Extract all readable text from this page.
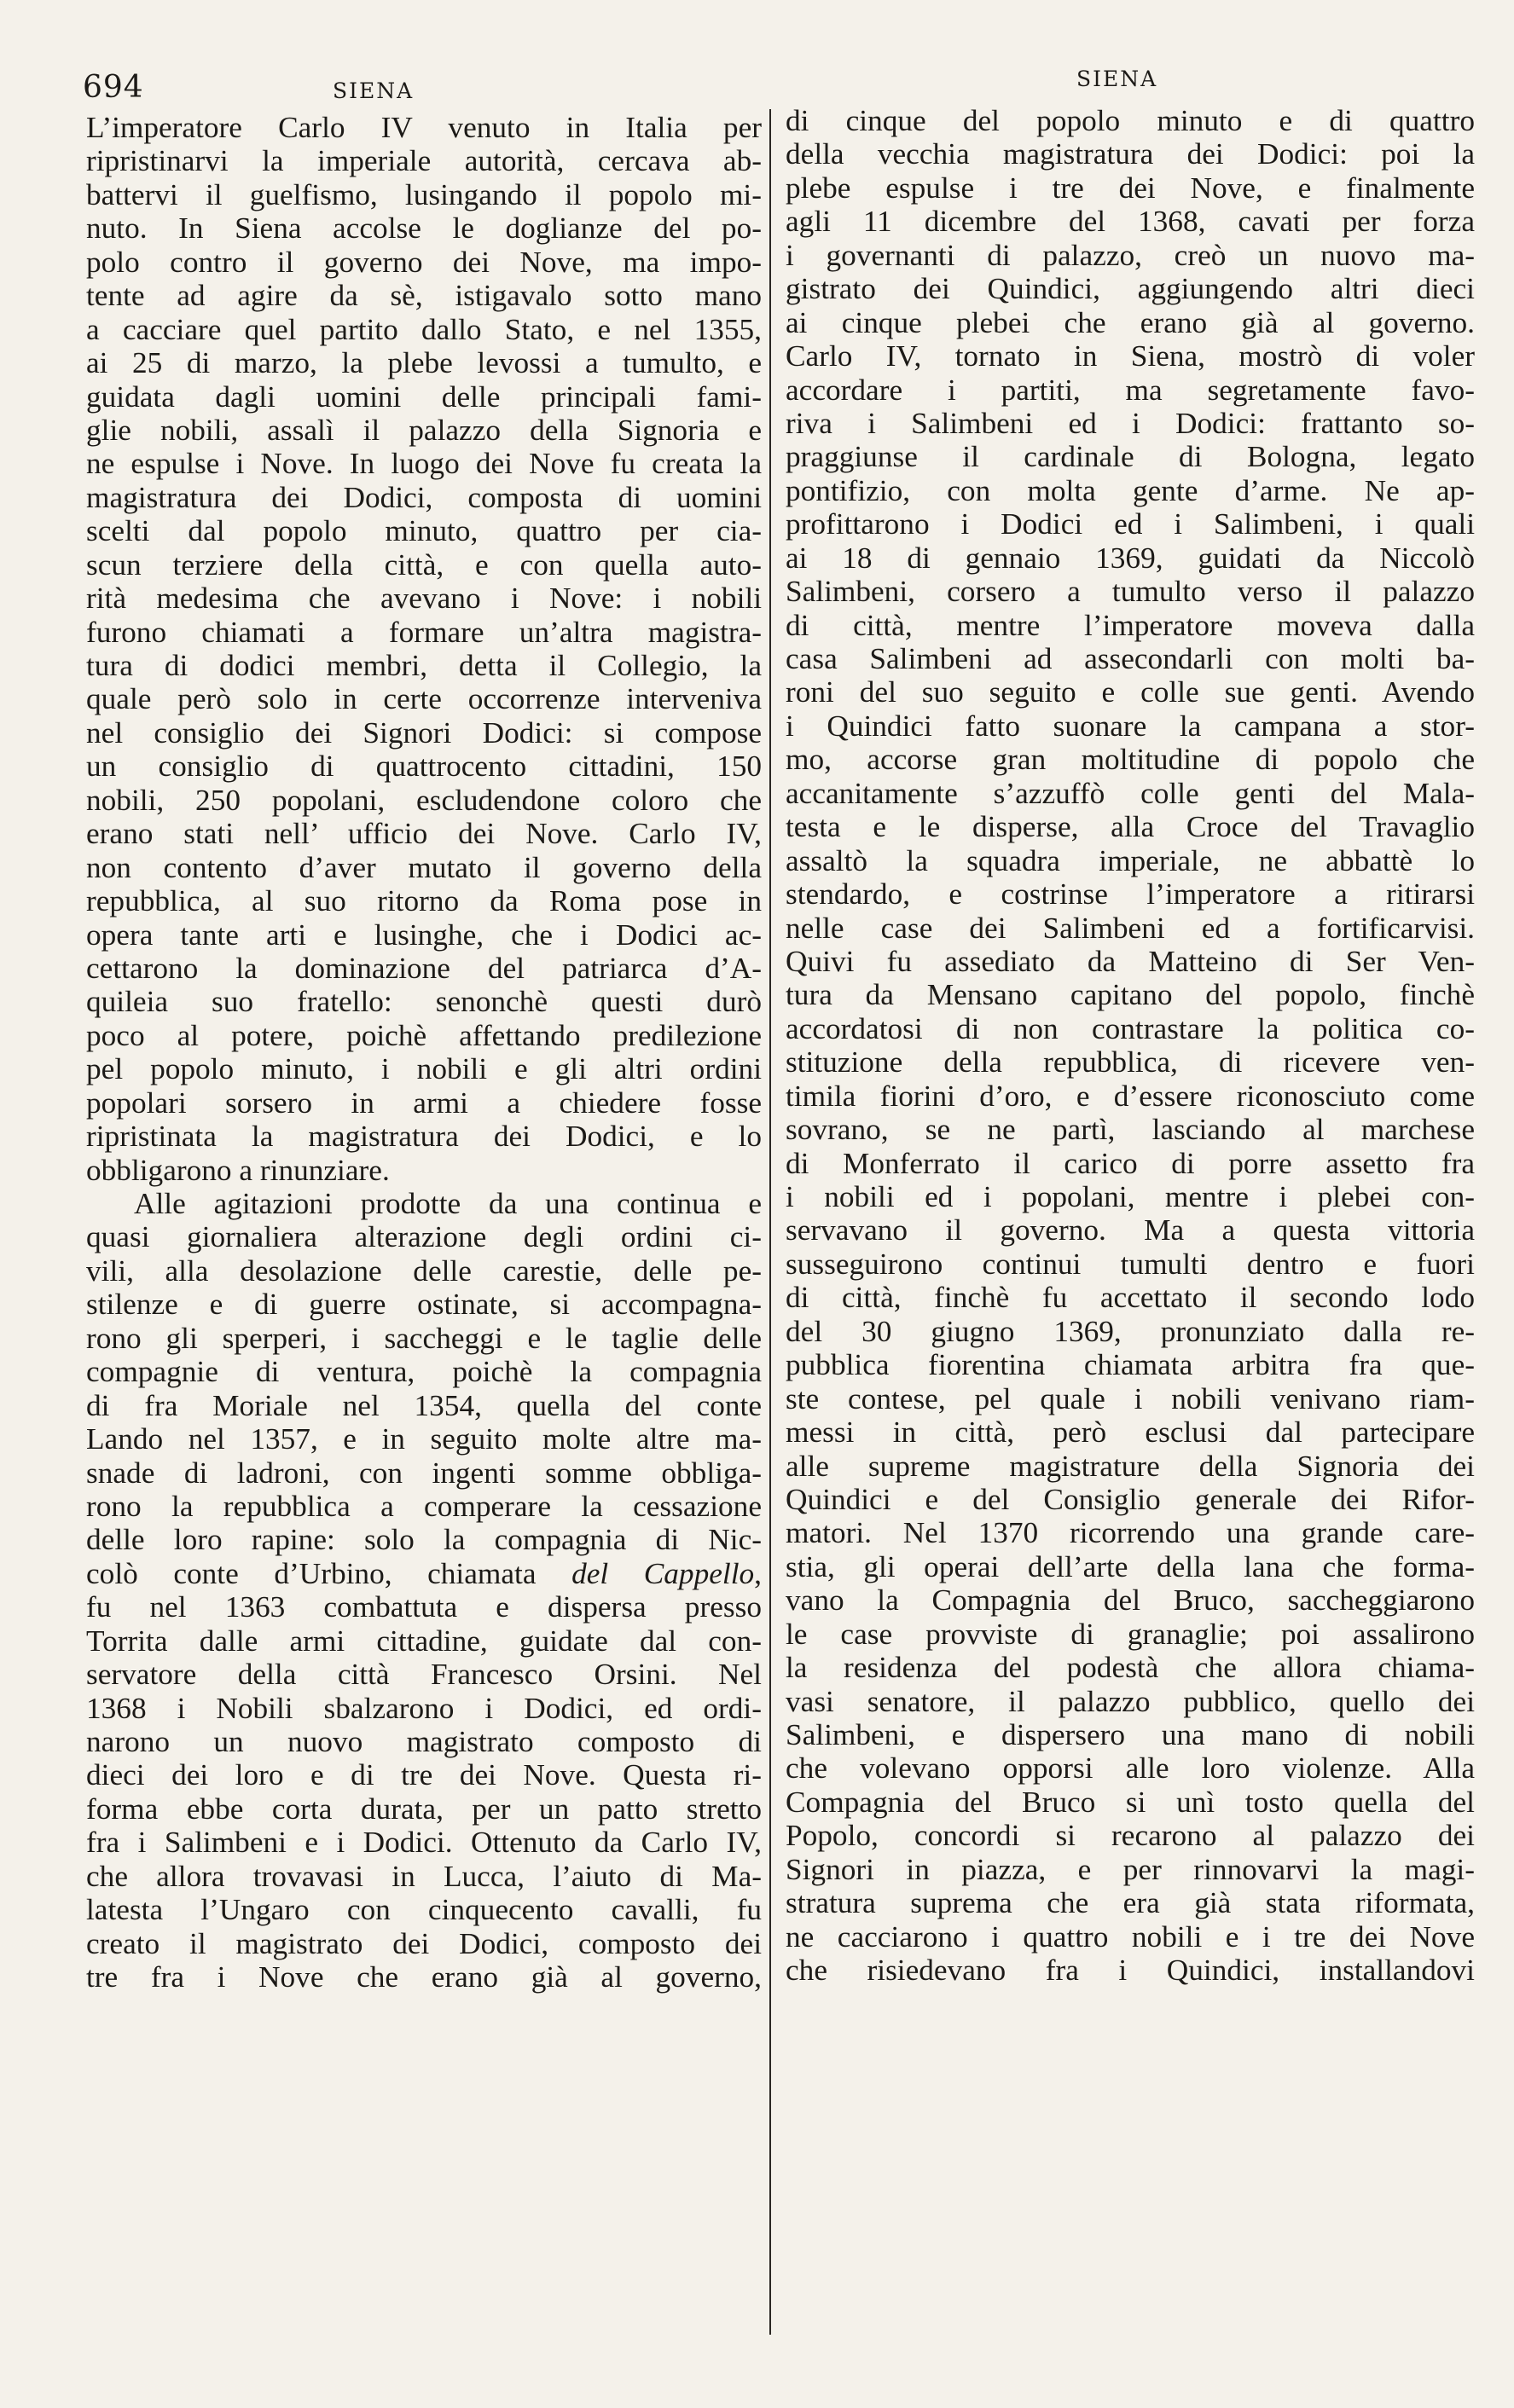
694	SIENA	SIENA
L’imperatore Carlo IV venuto in Italia per
ripristinarvi la imperiale autorità, cercava ab-
battervi il guelfismo, lusingando il popolo mi-
nuto. In Siena accolse le doglianze del po-
polo contro il governo dei Nove, ma impo-
tente ad agire da sè, istigavalo sotto mano
a cacciare quel partito dallo Stato, e nel 1355,
ai 25 di marzo, la plebe levossi a tumulto, e
guidata dagli uomini delle principali fami-
glie nobili, assalì il palazzo della Signoria e
ne espulse i Nove. In luogo dei Nove fu creata la
magistratura dei Dodici, composta di uomini
scelti dal popolo minuto, quattro per cia-
scun terziere della città, e con quella auto-
rità medesima che avevano i Nove: i nobili
furono chiamati a formare un’altra magistra-
tura di dodici membri, detta il Collegio, la
quale però solo in certe occorrenze interveniva
nel consiglio dei Signori Dodici: si compose
un consiglio di quattrocento cittadini, 150
nobili, 250 popolani, escludendone coloro che
erano stati nell’ ufficio dei Nove. Carlo IV,
non contento d’aver mutato il governo della
repubblica, al suo ritorno da Roma pose in
opera tante arti e lusinghe, che i Dodici ac-
cettarono la dominazione del patriarca d’A-
quileia suo fratello: senonchè questi durò
poco al potere, poichè affettando predilezione
pel popolo minuto, i nobili e gli altri ordini
popolari sorsero in armi a chiedere fosse
ripristinata la magistratura dei Dodici, e lo
obbligarono a rinunziare.
Alle agitazioni prodotte da una continua e
quasi giornaliera alterazione degli ordini ci-
vili, alla desolazione delle carestie, delle pe-
stilenze e di guerre ostinate, si accompagna-
rono gli sperperi, i saccheggi e le taglie delle
compagnie di ventura, poichè la compagnia
di fra Moriale nel 1354, quella del conte
Lando nel 1357, e in seguito molte altre ma-
snade di ladroni, con ingenti somme obbliga-
rono la repubblica a comperare la cessazione
delle loro rapine: solo la compagnia di Nic-
colò conte d’Urbino, chiamata del Cappello,
fu nel 1363 combattuta e dispersa presso
Torrita dalle armi cittadine, guidate dal con-
servatore della città Francesco Orsini. Nel
1368 i Nobili sbalzarono i Dodici, ed ordi-
narono un nuovo magistrato composto di
dieci dei loro e di tre dei Nove. Questa ri-
forma ebbe corta durata, per un patto stretto
fra i Salimbeni e i Dodici. Ottenuto da Carlo IV,
che allora trovavasi in Lucca, l’aiuto di Ma-
latesta l’Ungaro con cinquecento cavalli, fu
creato il magistrato dei Dodici, composto dei
tre fra i Nove che erano già al governo,
di cinque del popolo minuto e di quattro
della vecchia magistratura dei Dodici: poi la
plebe espulse i tre dei Nove, e finalmente
agli 11 dicembre del 1368, cavati per forza
i governanti di palazzo, creò un nuovo ma-
gistrato dei Quindici, aggiungendo altri dieci
ai cinque plebei che erano già al governo.
Carlo IV, tornato in Siena, mostrò di voler
accordare i partiti, ma segretamente favo-
riva i Salimbeni ed i Dodici: frattanto so-
praggiunse il cardinale di Bologna, legato
pontifizio, con molta gente d’arme. Ne ap-
profittarono i Dodici ed i Salimbeni, i quali
ai 18 di gennaio 1369, guidati da Niccolò
Salimbeni, corsero a tumulto verso il palazzo
di città, mentre l’imperatore moveva dalla
casa Salimbeni ad assecondarli con molti ba-
roni del suo seguito e colle sue genti. Avendo
i Quindici fatto suonare la campana a stor-
mo, accorse gran moltitudine di popolo che
accanitamente s’azzuffò colle genti del Mala-
testa e le disperse, alla Croce del Travaglio
assaltò la squadra imperiale, ne abbattè lo
stendardo, e costrinse l’imperatore a ritirarsi
nelle case dei Salimbeni ed a fortificarvisi.
Quivi fu assediato da Matteino di Ser Ven-
tura da Mensano capitano del popolo, finchè
accordatosi di non contrastare la politica co-
stituzione della repubblica, di ricevere ven-
timila fiorini d’oro, e d’essere riconosciuto come
sovrano, se ne partì, lasciando al marchese
di Monferrato il carico di porre assetto fra
i nobili ed i popolani, mentre i plebei con-
servavano il governo. Ma a questa vittoria
susseguirono continui tumulti dentro e fuori
di città, finchè fu accettato il secondo lodo
del 30 giugno 1369, pronunziato dalla re-
pubblica fiorentina chiamata arbitra fra que-
ste contese, pel quale i nobili venivano riam-
messi in città, però esclusi dal partecipare
alle supreme magistrature della Signoria dei
Quindici e del Consiglio generale dei Rifor-
matori. Nel 1370 ricorrendo una grande care-
stia, gli operai dell’arte della lana che forma-
vano la Compagnia del Bruco, saccheggiarono
le case provviste di granaglie; poi assalirono
la residenza del podestà che allora chiama-
vasi senatore, il palazzo pubblico, quello dei
Salimbeni, e dispersero una mano di nobili
che volevano opporsi alle loro violenze. Alla
Compagnia del Bruco si unì tosto quella del
Popolo, concordi si recarono al palazzo dei
Signori in piazza, e per rinnovarvi la magi-
stratura suprema che era già stata riformata,
ne cacciarono i quattro nobili e i tre dei Nove
che risiedevano fra i Quindici, installandovi
